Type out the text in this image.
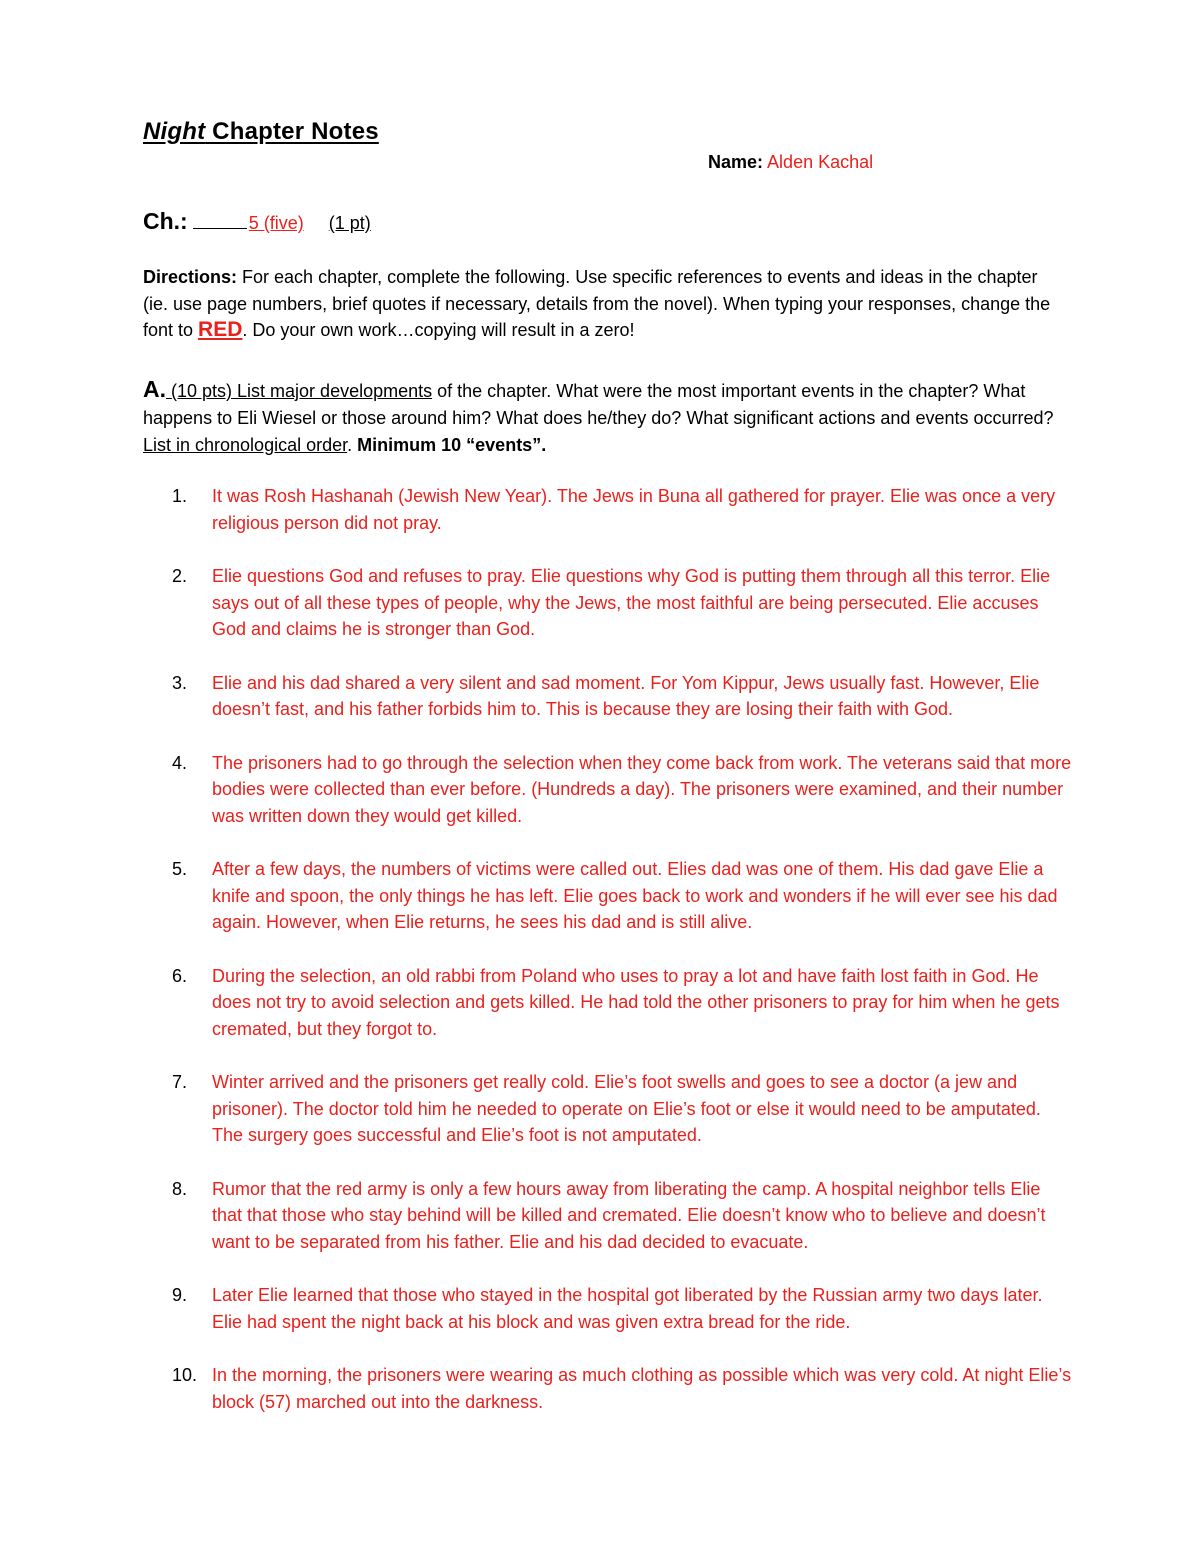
Night Chapter Notes
Name: Alden Kachal
Ch.:	5 (five) (1 pt)
Directions: For each chapter, complete the following. Use specific references to events and ideas in the chapter (ie. use page numbers, brief quotes if necessary, details from the novel). When typing your responses, change the font to RED. Do your own work…copying will result in a zero!
A. (10 pts) List major developments of the chapter. What were the most important events in the chapter? What happens to Eli Wiesel or those around him? What does he/they do? What significant actions and events occurred? List in chronological order. Minimum 10 “events”.
1.	It was Rosh Hashanah (Jewish New Year). The Jews in Buna all gathered for prayer. Elie was once a very religious person did not pray.
2.	Elie questions God and refuses to pray. Elie questions why God is putting them through all this terror. Elie says out of all these types of people, why the Jews, the most faithful are being persecuted. Elie accuses God and claims he is stronger than God.
3.	Elie and his dad shared a very silent and sad moment. For Yom Kippur, Jews usually fast. However, Elie doesn’t fast, and his father forbids him to. This is because they are losing their faith with God.
4.	The prisoners had to go through the selection when they come back from work. The veterans said that more bodies were collected than ever before. (Hundreds a day). The prisoners were examined, and their number was written down they would get killed.
5.	After a few days, the numbers of victims were called out. Elies dad was one of them. His dad gave Elie a knife and spoon, the only things he has left. Elie goes back to work and wonders if he will ever see his dad again. However, when Elie returns, he sees his dad and is still alive.
6.	During the selection, an old rabbi from Poland who uses to pray a lot and have faith lost faith in God. He does not try to avoid selection and gets killed. He had told the other prisoners to pray for him when he gets cremated, but they forgot to.
7.	Winter arrived and the prisoners get really cold. Elie’s foot swells and goes to see a doctor (a jew and prisoner). The doctor told him he needed to operate on Elie’s foot or else it would need to be amputated. The surgery goes successful and Elie’s foot is not amputated.
8.	Rumor that the red army is only a few hours away from liberating the camp. A hospital neighbor tells Elie that that those who stay behind will be killed and cremated. Elie doesn’t know who to believe and doesn’t want to be separated from his father. Elie and his dad decided to evacuate.
9.	Later Elie learned that those who stayed in the hospital got liberated by the Russian army two days later. Elie had spent the night back at his block and was given extra bread for the ride.
10. In the morning, the prisoners were wearing as much clothing as possible which was very cold. At night Elie’s block (57) marched out into the darkness.
